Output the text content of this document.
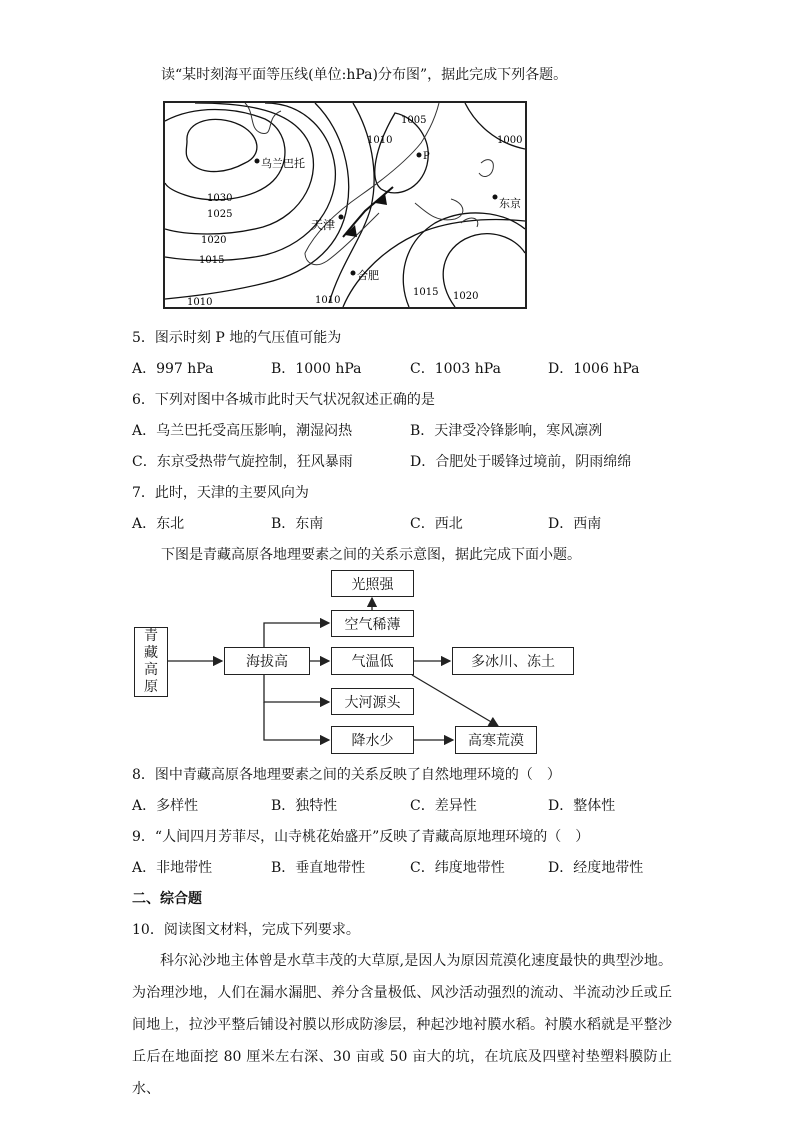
读“某时刻海平面等压线(单位:hPa)分布图”，据此完成下列各题。
乌兰巴托
天津
合肥
东京
P
1030
1025
1020
1015
1010
1005
1000
1010	1010
1015 1020
5．图示时刻 P 地的气压值可能为
A．997 hPa	B．1000 hPa	C．1003 hPa	D．1006 hPa
6．下列对图中各城市此时天气状况叙述正确的是
A．乌兰巴托受高压影响，潮湿闷热	B．天津受冷锋影响，寒风凛冽
C．东京受热带气旋控制，狂风暴雨	D．合肥处于暖锋过境前，阴雨绵绵
7．此时，天津的主要风向为
A．东北	B．东南	C．西北	D．西南
下图是青藏高原各地理要素之间的关系示意图，据此完成下面小题。
青
藏
高
原
海拔高
光照强
空气稀薄
气温低	多冰川、冻土
大河源头
降水少	高寒荒漠
8．图中青藏高原各地理要素之间的关系反映了自然地理环境的（　）
A．多样性	B．独特性	C．差异性	D．整体性
9．“人间四月芳菲尽，山寺桃花始盛开”反映了青藏高原地理环境的（　）
A．非地带性	B．垂直地带性	C．纬度地带性	D．经度地带性
二、综合题
10．阅读图文材料，完成下列要求。
科尔沁沙地主体曾是水草丰茂的大草原,是因人为原因荒漠化速度最快的典型沙地。为治理沙地，人们在漏水漏肥、养分含量极低、风沙活动强烈的流动、半流动沙丘或丘间地上，拉沙平整后铺设衬膜以形成防渗层，种起沙地衬膜水稻。衬膜水稻就是平整沙丘后在地面挖 80 厘米左右深、30 亩或 50 亩大的坑，在坑底及四壁衬垫塑料膜防止水、
